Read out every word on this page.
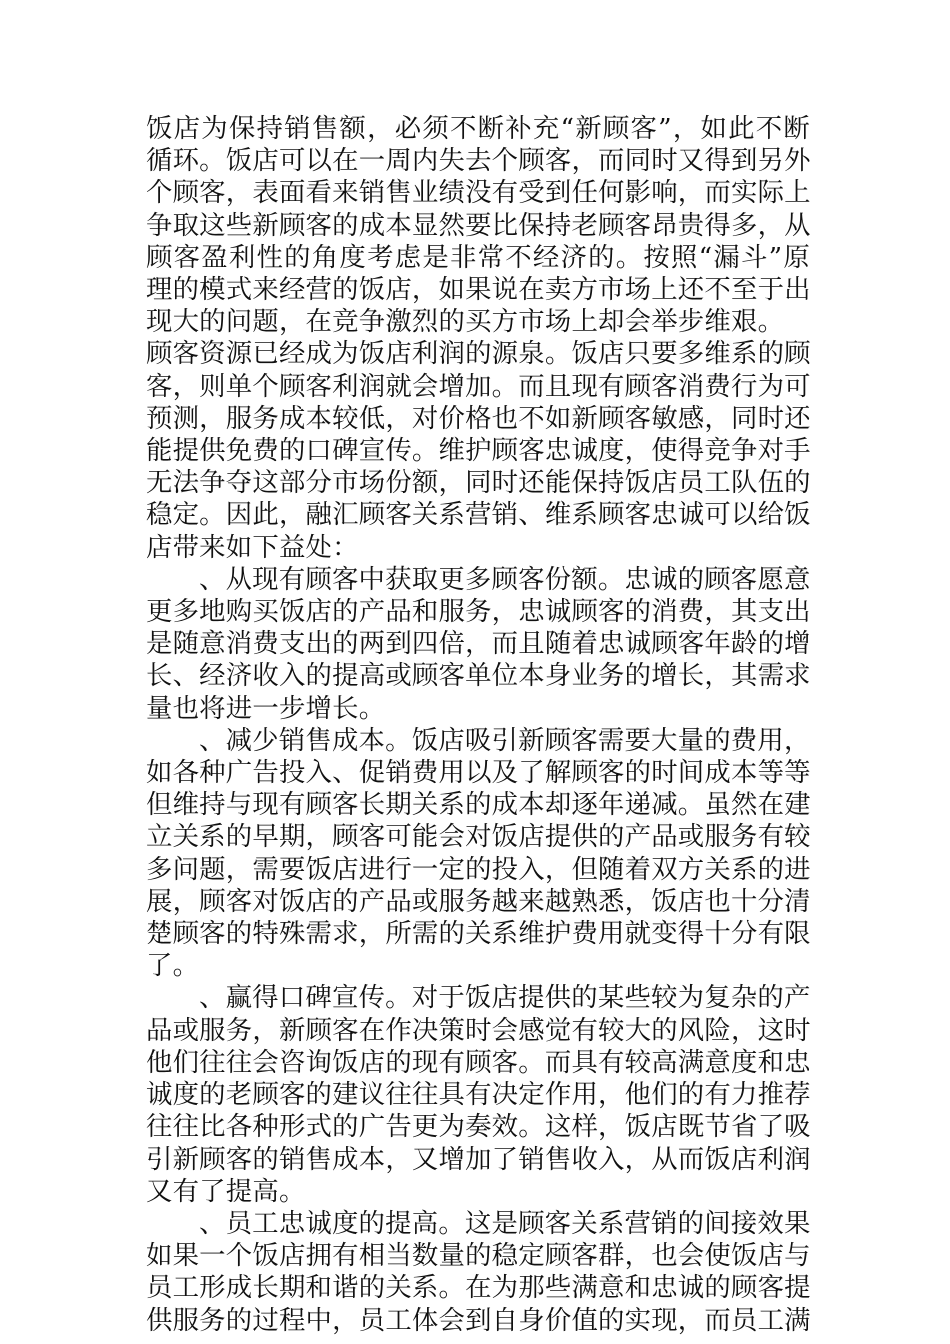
饭店为保持销售额，必须不断补充“新顾客”，如此不断
循环。饭店可以在一周内失去个顾客，而同时又得到另外
个顾客，表面看来销售业绩没有受到任何影响，而实际上
争取这些新顾客的成本显然要比保持老顾客昂贵得多，从
顾客盈利性的角度考虑是非常不经济的。按照“漏斗”原
理的模式来经营的饭店，如果说在卖方市场上还不至于出
现大的问题，在竞争激烈的买方市场上却会举步维艰。
顾客资源已经成为饭店利润的源泉。饭店只要多维系的顾
客，则单个顾客利润就会增加。而且现有顾客消费行为可
预测，服务成本较低，对价格也不如新顾客敏感，同时还
能提供免费的口碑宣传。维护顾客忠诚度，使得竞争对手
无法争夺这部分市场份额，同时还能保持饭店员工队伍的
稳定。因此，融汇顾客关系营销、维系顾客忠诚可以给饭
店带来如下益处：
、从现有顾客中获取更多顾客份额。忠诚的顾客愿意
更多地购买饭店的产品和服务，忠诚顾客的消费，其支出
是随意消费支出的两到四倍，而且随着忠诚顾客年龄的增
长、经济收入的提高或顾客单位本身业务的增长，其需求
量也将进一步增长。
、减少销售成本。饭店吸引新顾客需要大量的费用，
如各种广告投入、促销费用以及了解顾客的时间成本等等
但维持与现有顾客长期关系的成本却逐年递减。虽然在建
立关系的早期，顾客可能会对饭店提供的产品或服务有较
多问题，需要饭店进行一定的投入，但随着双方关系的进
展，顾客对饭店的产品或服务越来越熟悉，饭店也十分清
楚顾客的特殊需求，所需的关系维护费用就变得十分有限
了。
、赢得口碑宣传。对于饭店提供的某些较为复杂的产
品或服务，新顾客在作决策时会感觉有较大的风险，这时
他们往往会咨询饭店的现有顾客。而具有较高满意度和忠
诚度的老顾客的建议往往具有决定作用，他们的有力推荐
往往比各种形式的广告更为奏效。这样，饭店既节省了吸
引新顾客的销售成本，又增加了销售收入，从而饭店利润
又有了提高。
、员工忠诚度的提高。这是顾客关系营销的间接效果
如果一个饭店拥有相当数量的稳定顾客群，也会使饭店与
员工形成长期和谐的关系。在为那些满意和忠诚的顾客提
供服务的过程中，员工体会到自身价值的实现，而员工满
